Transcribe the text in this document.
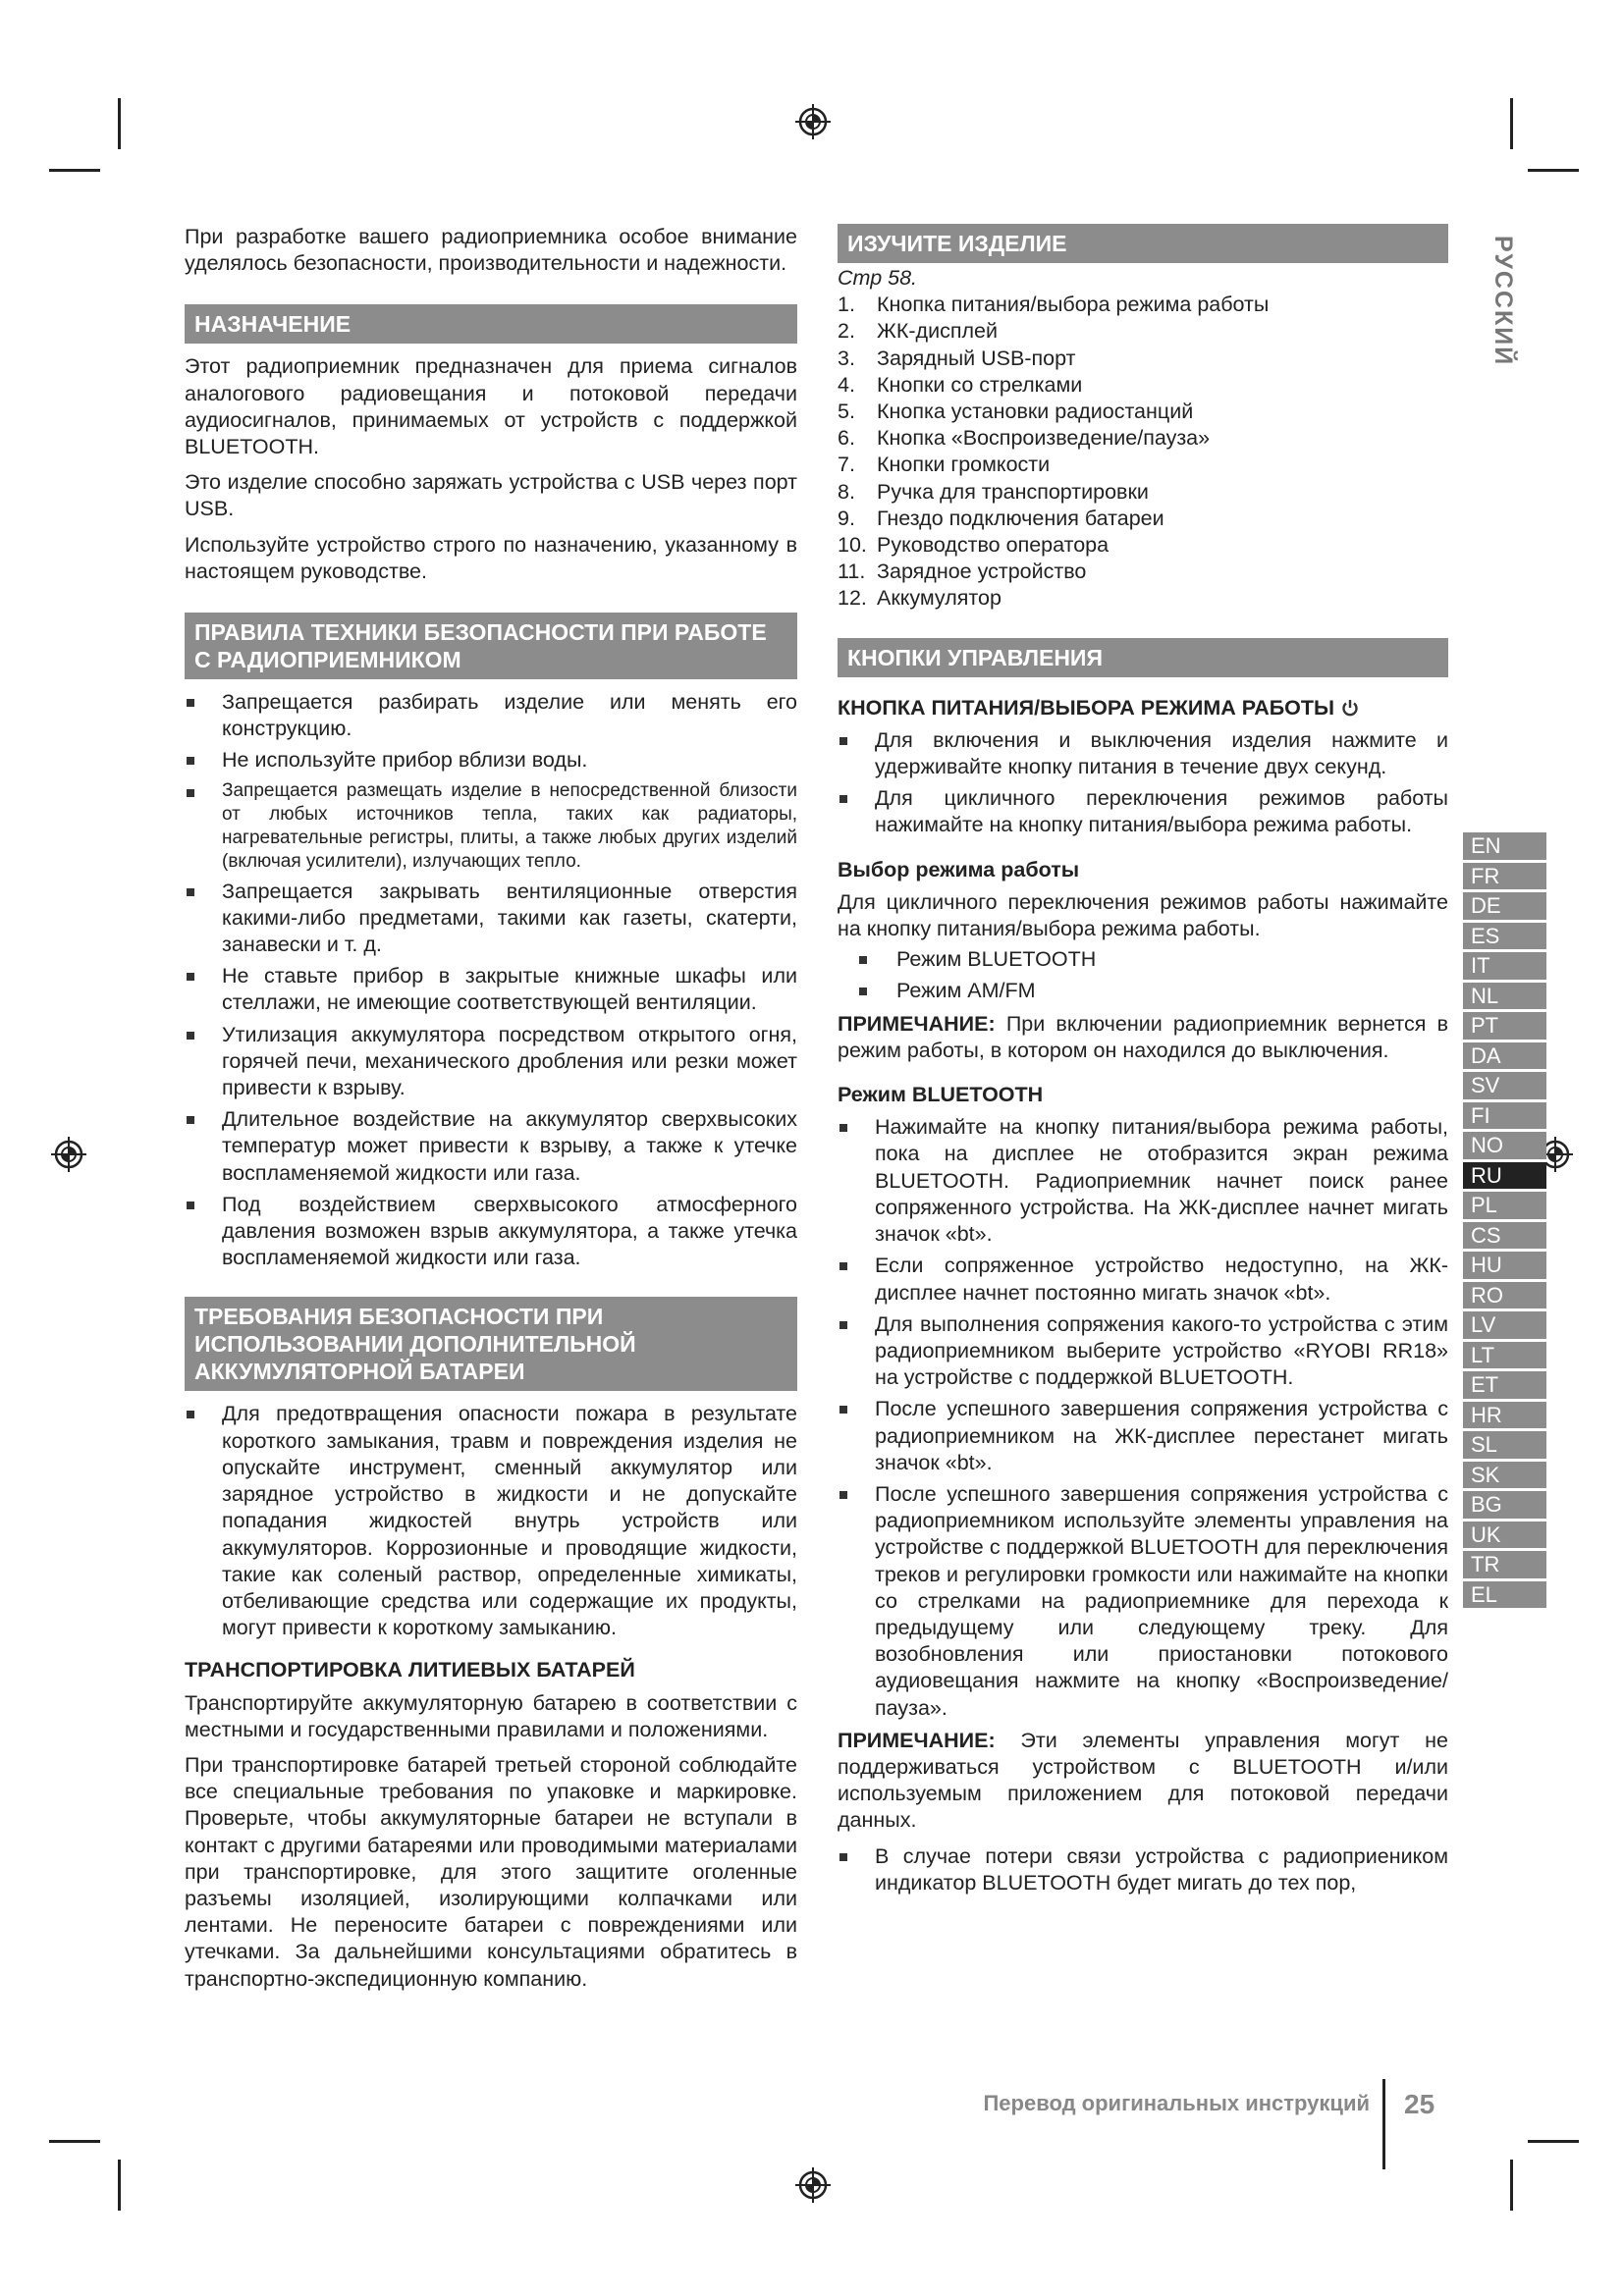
РУССКИЙ

При разработке вашего радиоприемника особое внимание уделялось безопасности, производительности и надежности.

НАЗНАЧЕНИЕ

Этот радиоприемник предназначен для приема сигналов аналогового радиовещания и потоковой передачи аудиосигналов, принимаемых от устройств с поддержкой BLUETOOTH.

Это изделие способно заряжать устройства с USB через порт USB.

Используйте устройство строго по назначению, указанному в настоящем руководстве.

ПРАВИЛА ТЕХНИКИ БЕЗОПАСНОСТИ ПРИ РАБОТЕ С РАДИОПРИЕМНИКОМ
Запрещается разбирать изделие или менять его конструкцию.
Не используйте прибор вблизи воды.
Запрещается размещать изделие в непосредственной близости от любых источников тепла, таких как радиаторы, нагревательные регистры, плиты, а также любых других изделий (включая усилители), излучающих тепло.
Запрещается закрывать вентиляционные отверстия какими-либо предметами, такими как газеты, скатерти, занавески и т. д.
Не ставьте прибор в закрытые книжные шкафы или стеллажи, не имеющие соответствующей вентиляции.
Утилизация аккумулятора посредством открытого огня, горячей печи, механического дробления или резки может привести к взрыву.
Длительное воздействие на аккумулятор сверхвысоких температур может привести к взрыву, а также к утечке воспламеняемой жидкости или газа.
Под воздействием сверхвысокого атмосферного давления возможен взрыв аккумулятора, а также утечка воспламеняемой жидкости или газа.
ТРЕБОВАНИЯ БЕЗОПАСНОСТИ ПРИ ИСПОЛЬЗОВАНИИ ДОПОЛНИТЕЛЬНОЙ АККУМУЛЯТОРНОЙ БАТАРЕИ
Для предотвращения опасности пожара в результате короткого замыкания, травм и повреждения изделия не опускайте инструмент, сменный аккумулятор или зарядное устройство в жидкости и не допускайте попадания жидкостей внутрь устройств или аккумуляторов. Коррозионные и проводящие жидкости, такие как соленый раствор, определенные химикаты, отбеливающие средства или содержащие их продукты, могут привести к короткому замыканию.
ТРАНСПОРТИРОВКА ЛИТИЕВЫХ БАТАРЕЙ

Транспортируйте аккумуляторную батарею в соответствии с местными и государственными правилами и положениями.

При транспортировке батарей третьей стороной соблюдайте все специальные требования по упаковке и маркировке. Проверьте, чтобы аккумуляторные батареи не вступали в контакт с другими батареями или проводимыми материалами при транспортировке, для этого защитите оголенные разъемы изоляцией, изолирующими колпачками или лентами. Не переносите батареи с повреждениями или утечками. За дальнейшими консультациями обратитесь в транспортно-экспедиционную компанию.

ИЗУЧИТЕ ИЗДЕЛИЕ
Стр 58.
1.	Кнопка питания/выбора режима работы
2.	ЖК-дисплей
3.	Зарядный USB-порт
4.	Кнопки со стрелками
5.	Кнопка установки радиостанций
6.	Кнопка «Воспроизведение/пауза»
7.	Кнопки громкости
8.	Ручка для транспортировки
9.	Гнездо подключения батареи
10. Руководство оператора
11. Зарядное устройство
12. Аккумулятор
КНОПКИ УПРАВЛЕНИЯ
КНОПКА ПИТАНИЯ/ВЫБОРА РЕЖИМА РАБОТЫ
Для включения и выключения изделия нажмите и удерживайте кнопку питания в течение двух секунд.
Для цикличного переключения режимов работы нажимайте на кнопку питания/выбора режима работы.
Выбор режима работы

Для цикличного переключения режимов работы нажимайте на кнопку питания/выбора режима работы.

Режим BLUETOOTH
Режим AM/FM

ПРИМЕЧАНИЕ: При включении радиоприемник вернется в режим работы, в котором он находился до выключения.

Режим BLUETOOTH
Нажимайте на кнопку питания/выбора режима работы, пока на дисплее не отобразится экран режима BLUETOOTH. Радиоприемник начнет поиск ранее сопряженного устройства. На ЖК-дисплее начнет мигать значок «bt».
Если сопряженное устройство недоступно, на ЖК-дисплее начнет постоянно мигать значок «bt».
Для выполнения сопряжения какого-то устройства с этим радиоприемником выберите устройство «RYOBI RR18» на устройстве с поддержкой BLUETOOTH.
После успешного завершения сопряжения устройства с радиоприемником на ЖК-дисплее перестанет мигать значок «bt».
После успешного завершения сопряжения устройства с радиоприемником используйте элементы управления на устройстве с поддержкой BLUETOOTH для переключения треков и регулировки громкости или нажимайте на кнопки со стрелками на радиоприемнике для перехода к предыдущему или следующему треку. Для возобновления или приостановки потокового аудиовещания нажмите на кнопку «Воспроизведение/пауза».

ПРИМЕЧАНИЕ: Эти элементы управления могут не поддерживаться устройством с BLUETOOTH и/или используемым приложением для потоковой передачи данных.

В случае потери связи устройства с радиоприеником индикатор BLUETOOTH будет мигать до тех пор,
EN
FR
DE
ES
IT
NL
PT
DA
SV
FI
NO
RU
PL
CS
HU
RO
LV
LT
ET
HR
SL
SK
BG
UK
TR
EL
Перевод оригинальных инструкций 25
